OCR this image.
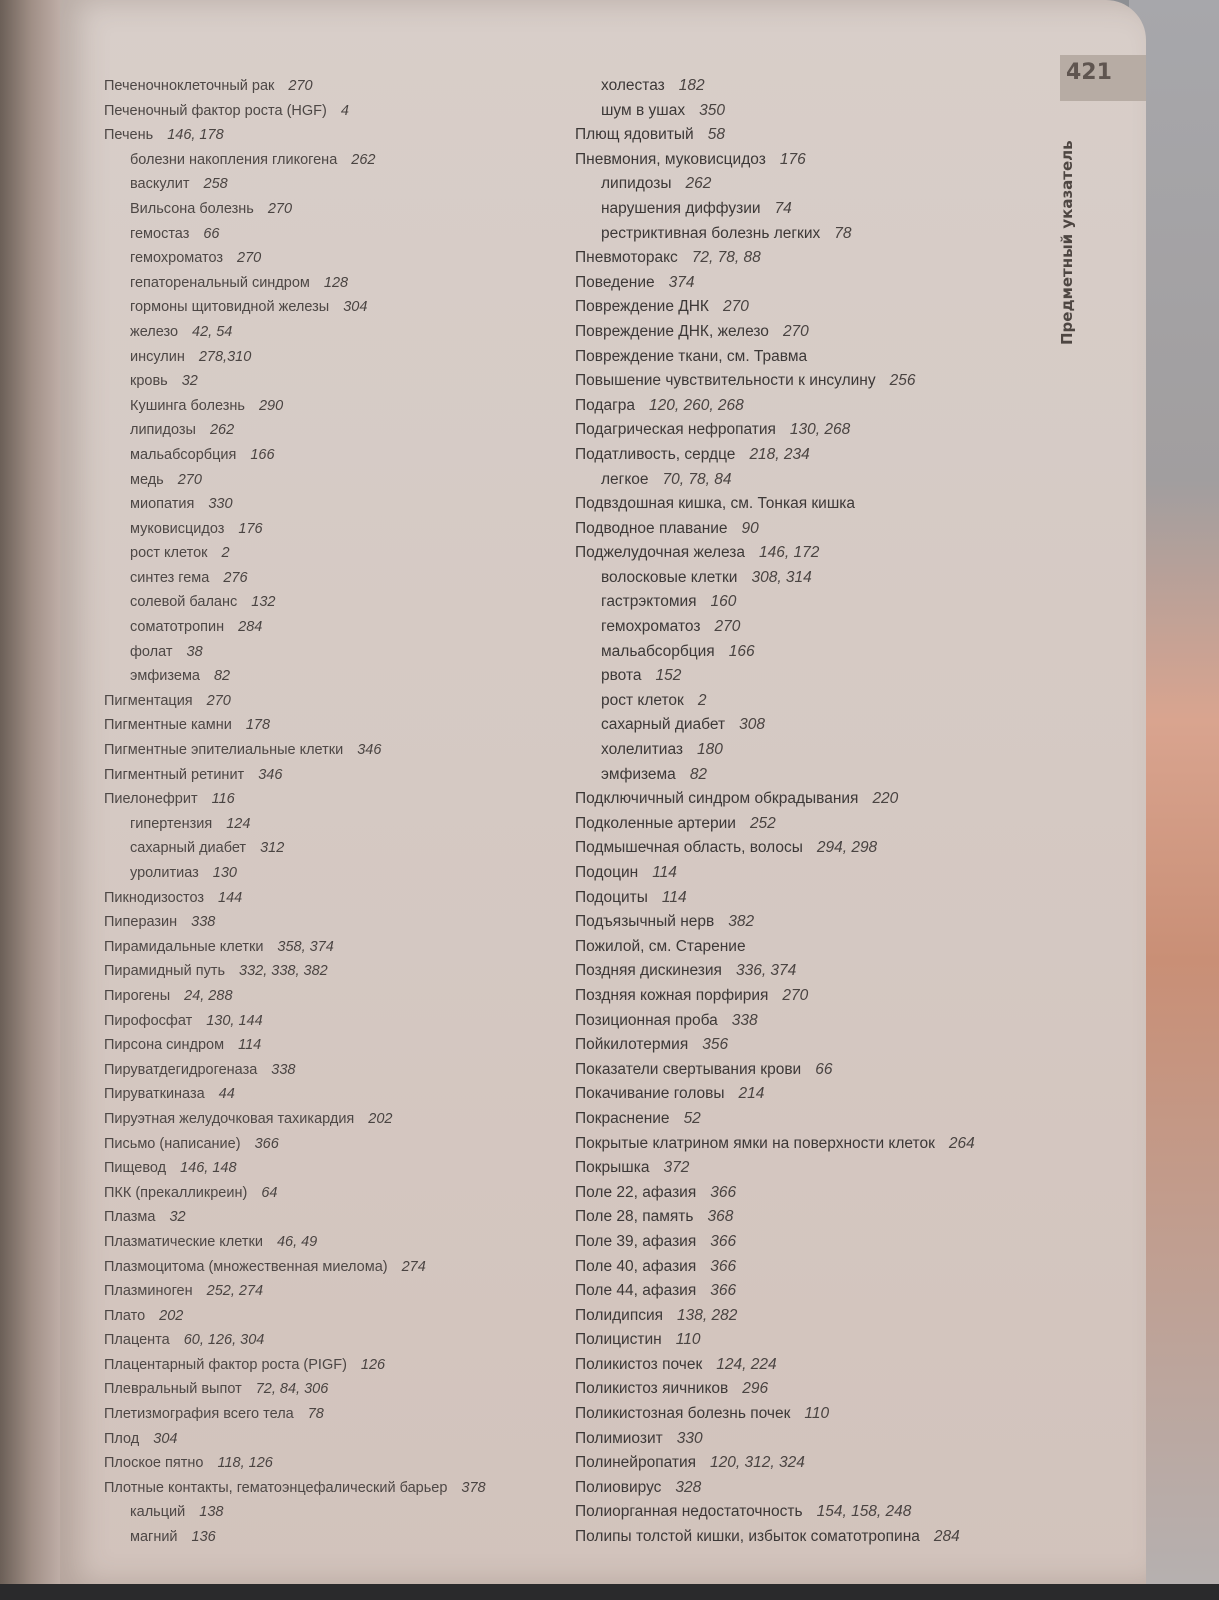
421
Печеночноклеточный рак 270
Печеночный фактор роста (HGF) 4
Печень 146, 178
болезни накопления гликогена 262
васкулит 258
Вильсона болезнь 270
гемостаз 66
гемохроматоз 270
гепаторенальный синдром 128
гормоны щитовидной железы 304
железо 42, 54
инсулин 278,310
кровь 32
Кушинга болезнь 290
липидозы 262
мальабсорбция 166
медь 270
миопатия 330
муковисцидоз 176
рост клеток 2
синтез гема 276
солевой баланс 132
соматотропин 284
фолат 38
эмфизема 82
Пигментация 270
Пигментные камни 178
Пигментные эпителиальные клетки 346
Пигментный ретинит 346
Пиелонефрит 116
гипертензия 124
сахарный диабет 312
уролитиаз 130
Пикнодизостоз 144
Пиперазин 338
Пирамидальные клетки 358, 374
Пирамидный путь 332, 338, 382
Пирогены 24, 288
Пирофосфат 130, 144
Пирсона синдром 114
Пируватдегидрогеназа 338
Пируваткиназа 44
Пируэтная желудочковая тахикардия 202
Письмо (написание) 366
Пищевод 146, 148
ПКК (прекалликреин) 64
Плазма 32
Плазматические клетки 46, 49
Плазмоцитома (множественная миелома) 274
Плазминоген 252, 274
Плато 202
Плацента 60, 126, 304
Плацентарный фактор роста (PIGF) 126
Плевральный выпот 72, 84, 306
Плетизмография всего тела 78
Плод 304
Плоское пятно 118, 126
Плотные контакты, гематоэнцефалический барьер 378
кальций 138
магний 136
холестаз 182
шум в ушах 350
Плющ ядовитый 58
Пневмония, муковисцидоз 176
липидозы 262
нарушения диффузии 74
рестриктивная болезнь легких 78
Пневмоторакс 72, 78, 88
Поведение 374
Повреждение ДНК 270
Повреждение ДНК, железо 270
Повреждение ткани, см. Травма
Повышение чувствительности к инсулину 256
Подагра 120, 260, 268
Подагрическая нефропатия 130, 268
Податливость, сердце 218, 234
легкое 70, 78, 84
Подвздошная кишка, см. Тонкая кишка
Подводное плавание 90
Поджелудочная железа 146, 172
волосковые клетки 308, 314
гастрэктомия 160
гемохроматоз 270
мальабсорбция 166
рвота 152
рост клеток 2
сахарный диабет 308
холелитиаз 180
эмфизема 82
Подключичный синдром обкрадывания 220
Подколенные артерии 252
Подмышечная область, волосы 294, 298
Подоцин 114
Подоциты 114
Подъязычный нерв 382
Пожилой, см. Старение
Поздняя дискинезия 336, 374
Поздняя кожная порфирия 270
Позиционная проба 338
Пойкилотермия 356
Показатели свертывания крови 66
Покачивание головы 214
Покраснение 52
Покрытые клатрином ямки на поверхности клеток 264
Покрышка 372
Поле 22, афазия 366
Поле 28, память 368
Поле 39, афазия 366
Поле 40, афазия 366
Поле 44, афазия 366
Полидипсия 138, 282
Полицистин 110
Поликистоз почек 124, 224
Поликистоз яичников 296
Поликистозная болезнь почек 110
Полимиозит 330
Полинейропатия 120, 312, 324
Полиовирус 328
Полиорганная недостаточность 154, 158, 248
Полипы толстой кишки, избыток соматотропина 284
